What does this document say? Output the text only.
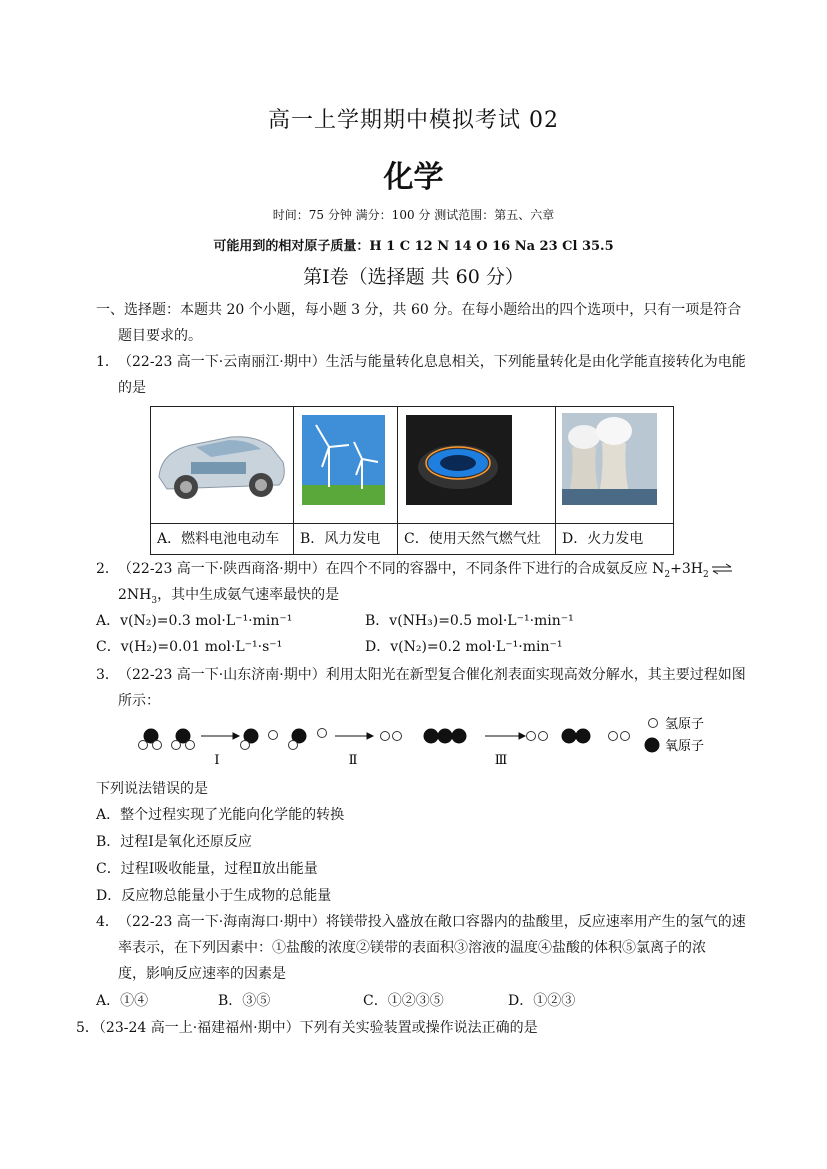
高一上学期期中模拟考试 02
化学
时间：75 分钟 满分：100 分 测试范围：第五、六章
可能用到的相对原子质量：H 1 C 12 N 14 O 16 Na 23 Cl 35.5
第Ⅰ卷（选择题 共 60 分）
一、选择题：本题共 20 个小题，每小题 3 分，共 60 分。在每小题给出的四个选项中，只有一项是符合
题目要求的。
1． （22-23 高一下·云南丽江·期中）生活与能量转化息息相关，下列能量转化是由化学能直接转化为电能
的是

A．燃料电池电动车	B．风力发电	C．使用天然气燃气灶	D．火力发电
2． （22-23 高一下·陕西商洛·期中）在四个不同的容器中，不同条件下进行的合成氨反应 $N_2+3H_2$ ⇌
$2NH_3$，其中生成氨气速率最快的是
A．v(N₂)=0.3 mol·L⁻¹·min⁻¹	B．v(NH₃)=0.5 mol·L⁻¹·min⁻¹
C．v(H₂)=0.01 mol·L⁻¹·s⁻¹	D．v(N₂)=0.2 mol·L⁻¹·min⁻¹
3． （22-23 高一下·山东济南·期中）利用太阳光在新型复合催化剂表面实现高效分解水，其主要过程如图
所示：
Ⅰ	Ⅱ	Ⅲ
氢原子
氧原子
下列说法错误的是
A．整个过程实现了光能向化学能的转换
B．过程Ⅰ是氧化还原反应
C．过程Ⅰ吸收能量，过程Ⅱ放出能量
D．反应物总能量小于生成物的总能量
4． （22-23 高一下·海南海口·期中）将镁带投入盛放在敞口容器内的盐酸里，反应速率用产生的氢气的速
率表示，在下列因素中：①盐酸的浓度②镁带的表面积③溶液的温度④盐酸的体积⑤氯离子的浓
度，影响反应速率的因素是
A．①④	B．③⑤	C．①②③⑤	D．①②③
5．（23-24 高一上·福建福州·期中）下列有关实验装置或操作说法正确的是
